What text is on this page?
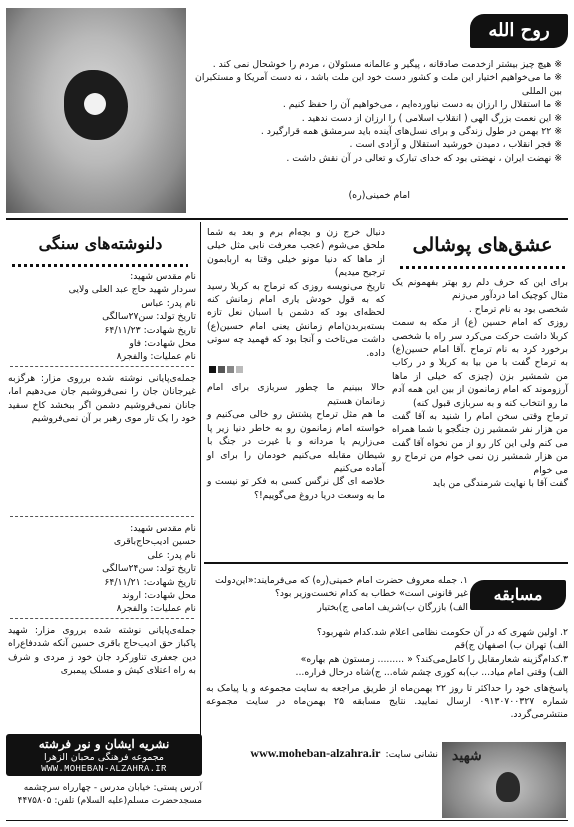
روح الله

※ هیچ چیز بیشتر ازخدمت صادقانه ، پیگیر و عالمانه مسئولان ، مردم را خوشحال نمی کند .

※ ما می‌خواهیم اختیار این ملت و کشور دست خود این ملت باشد ، نه دست آمریکا و مستکبران بین المللی

※ ما استقلال را ارزان به دست نیاورده‌ایم ، می‌خواهیم آن را حفظ کنیم .

※ این نعمت بزرگ الهی ( انقلاب اسلامی ) را ارزان از دست ندهید .

※ ۲۲ بهمن در طول زندگی و برای نسل‌های آینده باید سرمشق همه قرارگیرد .

※ فجر انقلاب ، دمیدن خورشید استقلال و آزادی است .

※ نهضت ایران ، نهضتی بود که خدای تبارک و تعالی در آن نقش داشت .

امام خمینی(ره)
عشق‌های پوشالی

برای این که حرف دلم رو بهتر بفهمونم یک مثال کوچیک اما دردآور می‌زنم

شخصی بود به نام ترماح .

روزی که امام حسین (ع) از مکه به سمت کربلا داشت حرکت می‌کرد سر راه با شخصی برخورد کرد به نام ترماح .آقا امام حسین(ع) به ترماح گفت با من بیا به کربلا و در رکاب من شمشیر بزن (چیزی که خیلی از ماها آرزوموند که امام زمانمون از بین این همه آدم ما رو انتخاب کنه و به سربازی قبول کنه)

ترماح وقتی سخن امام را شنید به آقا گفت من هزار نفر شمشیر زن جنگجو با شما همراه می کنم ولی این کار رو از من نخواه آقا گفت من هزار شمشیر زن نمی خوام من ترماح رو می خوام

گفت آقا با نهایت شرمندگی من باید

دنبال خرج زن و بچه‌ام برم و بعد به شما ملحق می‌شوم (عجب معرفت نابی مثل خیلی از ماها که دنیا مونو خیلی وقتا به اربابمون ترجیح میدیم)

تاریخ می‌نویسه روزی که ترماح به کربلا رسید که به قول خودش یاری امام زمانش کنه لحظه‌ای بود که دشمن با اسبان نعل تازه بسته‌بربدن‌امام زمانش یعنی امام حسین(ع) داشت می‌تاخت و آنجا بود که فهمید چه سوتی داده.

حالا ببینیم ما چطور سربازی برای امام زمانمان هستیم

ما هم مثل ترماح پشتش رو خالی می‌کنیم و خواسته امام زمانمون رو به خاطر دنیا زیر پا می‌زاریم یا مردانه و با غیرت در جنگ با شیطان مقابله می‌کنیم خودمان را برای او آماده می‌کنیم

خلاصه ای گل نرگس کسی به فکر تو نیست و ما به وسعت دریا دروغ می‌گوییم!؟

دلنوشته‌های سنگی

نام مقدس شهید:

سردار شهید حاج عبد العلی ولایی

نام پدر: عباس

تاریخ تولد: سن۲۷سالگی

تاریخ شهادت: ۶۴/۱۱/۲۳

محل شهادت: فاو

نام عملیات: والفجر۸

جمله‌ی‌پایانی نوشته شده برروی مزار: هرگزبه غیرجانان جان را نمی‌فروشیم جان می‌دهیم اما، جانان نمی‌فروشیم دشمن اگر ببخشد کاخ سفید خود را یک تار موی رهبر بر آن نمی‌فروشیم

نام مقدس شهید:

حسین ادیب‌حاج‌باقری

نام پدر: علی

تاریخ تولد: سن۲۴سالگی

تاریخ شهادت: ۶۴/۱۱/۲۱

محل شهادت: اروند

نام عملیات: والفجر۸

جمله‌ی‌پایانی نوشته شده برروی مزار: شهید پاکباز حق ادیب‌حاج باقری حسین آنکه شددفاع‌راه دین جعفری تناورکرد جان خود ز مردی و شرف به راه اعتلای کیش و مسلک پیمبری
مسابقه

۱. جمله معروف حضرت امام خمینی(ره) که می‌فرمایند:«این‌دولت غیر قانونی است» خطاب به کدام نخست‌وزیر بود؟

الف) بازرگان ب)شریف امامی ج)بختیار

۲. اولین شهری که در آن حکومت نظامی اعلام شد.کدام شهربود؟

الف) تهران ب) اصفهان ج)قم

۳.کدام‌گزینه شعارمقابل را کامل‌می‌کند؟ « ......... زمستون هم بهاره»

الف) وقتی امام میاد... ب)به کوری چشم شاه... ج)شاه درحال فراره...

پاسخ‌های خود را حداکثر تا روز ۲۲ بهمن‌ماه از طریق مراجعه به سایت مجموعه و یا پیامک به شماره ۰۹۱۳۰۷۰۰۳۲۷ ارسال نمایید. نتایج مسابقه ۲۵ بهمن‌ماه در سایت مجموعه منتشرمی‌گردد.

شهید
نشانی سایت: www.moheban-alzahra.ir
نشریه ایشان و نور فرشته
مجموعه فرهنگی محبان الزهرا
WWW.MOHEBAN-ALZAHRA.IR

آدرس پستی: خیابان مدرس - چهارراه سرچشمه

مسجدحضرت مسلم(علیه السلام) تلفن: ۴۴۷۵۸۰۵
